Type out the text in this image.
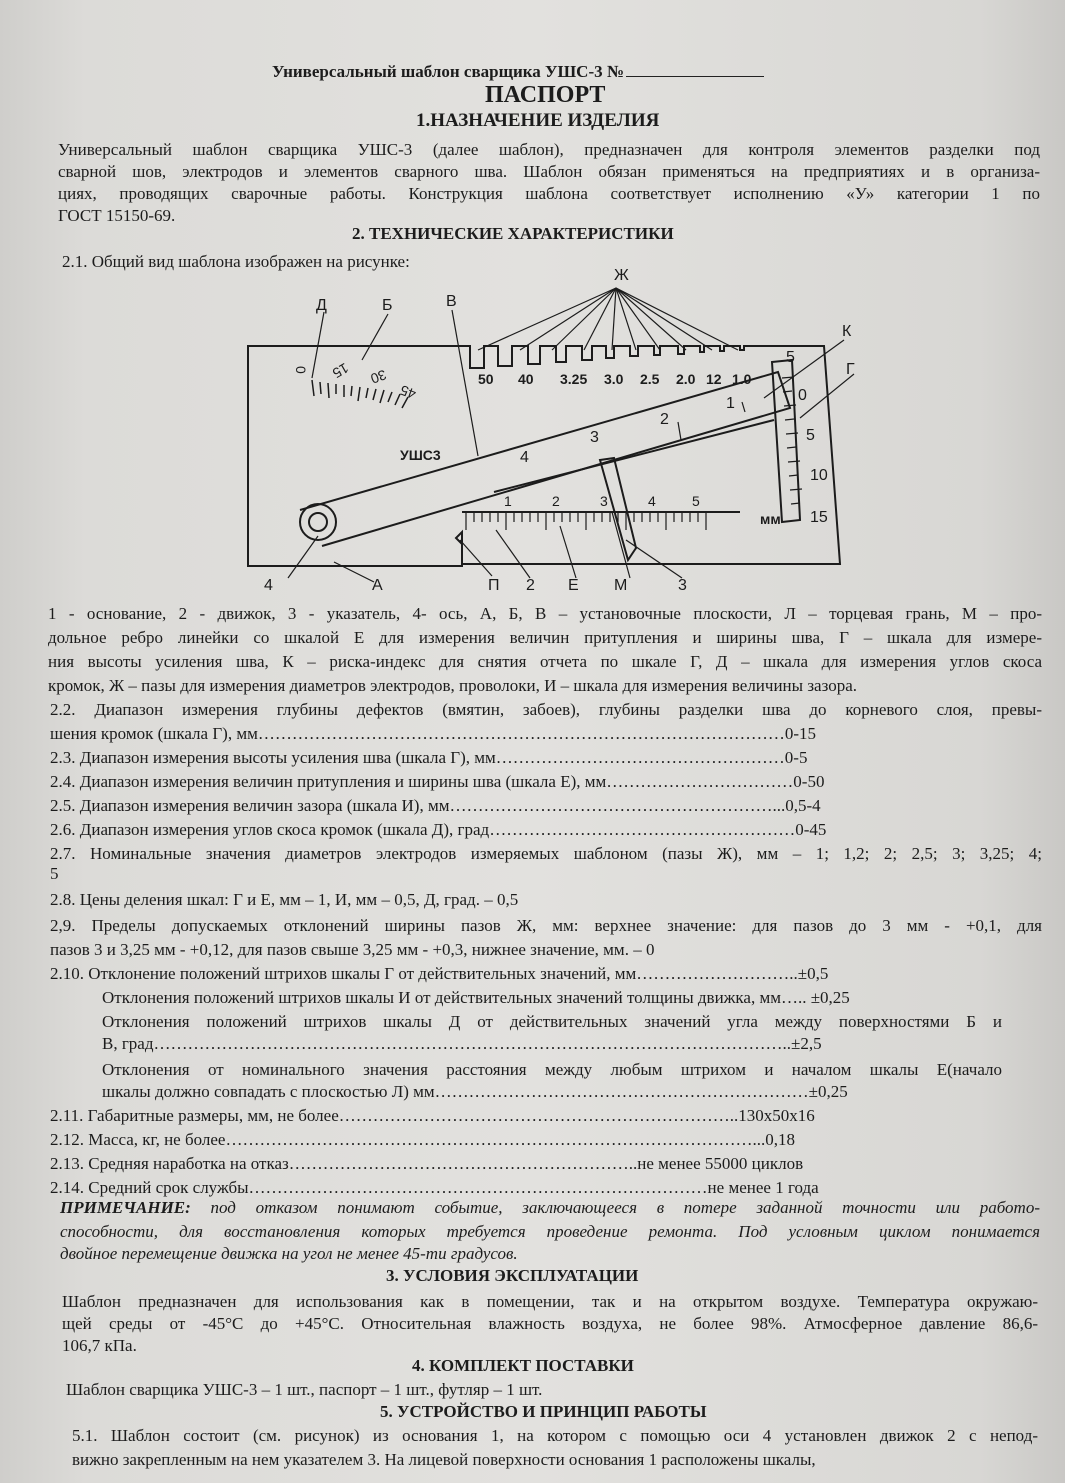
Универсальный шаблон сварщика УШС-3 №
ПАСПОРТ
1.НАЗНАЧЕНИЕ ИЗДЕЛИЯ
Универсальный шаблон сварщика УШС-3 (далее шаблон), предназначен для контроля элементов разделки под
сварной шов, электродов и элементов сварного шва. Шаблон обязан применяться на предприятиях и в организа-
циях, проводящих сварочные работы. Конструкция шаблона соответствует исполнению «У» категории 1 по
ГОСТ 15150-69.
2. ТЕХНИЧЕСКИЕ ХАРАКТЕРИСТИКИ
2.1. Общий вид шаблона изображен на рисунке:
Ж
Д	Б	В
К
Г
4	А	П 2 Е М	3
0 15 30
45
50 40 3.25 3.0 2.5 2.0 12 1.0
5
0
5
10
15
1
2
3
4
1	2	3	4	5
УШС3
мм
1 - основание, 2 - движок, 3 - указатель, 4- ось, А, Б, В – установочные плоскости, Л – торцевая грань, М – про-
дольное ребро линейки со шкалой Е для измерения величин притупления и ширины шва, Г – шкала для измере-
ния высоты усиления шва, К – риска-индекс для снятия отчета по шкале Г, Д – шкала для измерения углов скоса
кромок, Ж – пазы для измерения диаметров электродов, проволоки, И – шкала для измерения величины зазора.
2.2. Диапазон измерения глубины дефектов (вмятин, забоев), глубины разделки шва до корневого слоя, превы-
шения кромок (шкала Г), мм…………………………………………………………………………………0-15
2.3. Диапазон измерения высоты усиления шва (шкала Г), мм……………………………………………0-5
2.4. Диапазон измерения величин притупления и ширины шва (шкала Е), мм……………………………0-50
2.5. Диапазон измерения величин зазора (шкала И), мм…………………………………………………...0,5-4
2.6. Диапазон измерения углов скоса кромок (шкала Д), град………………………………………………0-45
2.7. Номинальные значения диаметров электродов измеряемых шаблоном (пазы Ж), мм – 1; 1,2; 2; 2,5; 3; 3,25; 4;
5
2.8. Цены деления шкал: Г и Е, мм – 1, И, мм – 0,5, Д, град. – 0,5
2,9. Пределы допускаемых отклонений ширины пазов Ж, мм: верхнее значение: для пазов до 3 мм - +0,1, для
пазов 3 и 3,25 мм - +0,12, для пазов свыше 3,25 мм - +0,3, нижнее значение, мм. – 0
2.10. Отклонение положений штрихов шкалы Г от действительных значений, мм………………………..±0,5
Отклонения положений штрихов шкалы И от действительных значений толщины движка, мм….. ±0,25
Отклонения положений штрихов шкалы Д от действительных значений угла между поверхностями Б и
В, град…………………………………………………………………………………………………..±2,5
Отклонения от номинального значения расстояния между любым штрихом и началом шкалы Е(начало
шкалы должно совпадать с плоскостью Л) мм…………………………………………………………±0,25
2.11. Габаритные размеры, мм, не более……………………………………………………………..130х50х16
2.12. Масса, кг, не более…………………………………………………………………………………...0,18
2.13. Средняя наработка на отказ……………………………………………………..не менее 55000 циклов
2.14. Средний срок службы………………………………………………………………………не менее 1 года
ПРИМЕЧАНИЕ: под отказом понимают событие, заключающееся в потере заданной точности или работо-
способности, для восстановления которых требуется проведение ремонта. Под условным циклом понимается
двойное перемещение движка на угол не менее 45-ти градусов.
3. УСЛОВИЯ ЭКСПЛУАТАЦИИ
Шаблон предназначен для использования как в помещении, так и на открытом воздухе. Температура окружаю-
щей среды от -45°С до +45°С. Относительная влажность воздуха, не более 98%. Атмосферное давление 86,6-
106,7 кПа.
4. КОМПЛЕКТ ПОСТАВКИ
Шаблон сварщика УШС-3 – 1 шт., паспорт – 1 шт., футляр – 1 шт.
5. УСТРОЙСТВО И ПРИНЦИП РАБОТЫ
5.1. Шаблон состоит (см. рисунок) из основания 1, на котором с помощью оси 4 установлен движок 2 с непод-
вижно закрепленным на нем указателем 3. На лицевой поверхности основания 1 расположены шкалы,
